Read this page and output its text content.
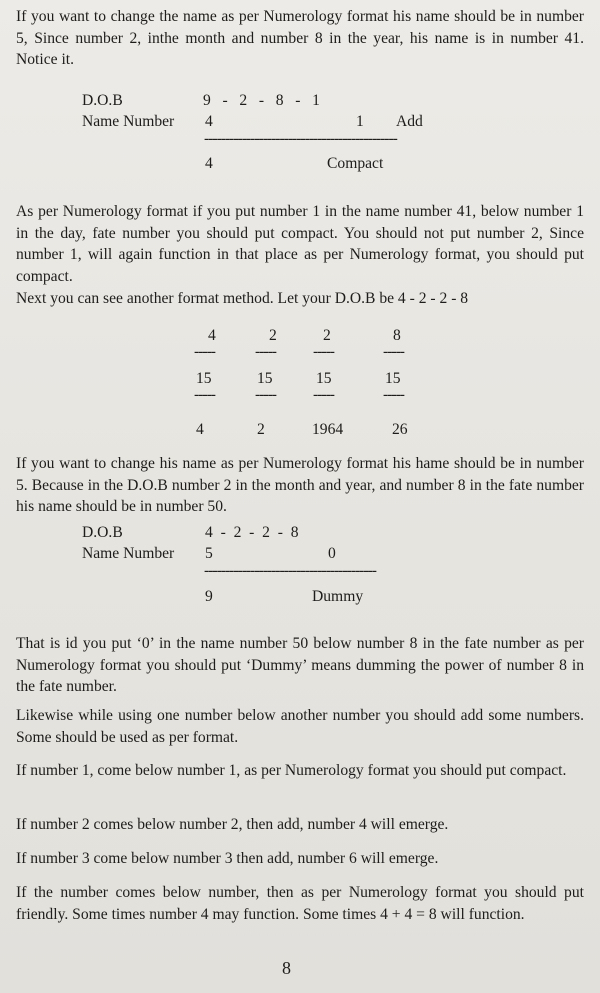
If you want to change the name as per Numerology format his name should be in number 5, Since number 2, inthe month and number 8 in the year, his name is in number 41. Notice it.

D.O.B	9   -   2   -   8   -   1
Name Number 4	1 Add
----------------------------------------------
4	Compact

As per Numerology format if you put number 1 in the name number 41, below number 1 in the day, fate number you should put compact. You should not put number 2, Since number 1, will again function in that place as per Numerology format, you should put compact.

Next you can see another format method. Let your D.O.B be 4 - 2 - 2 - 8

4	2	2	8
-----	----- -----	-----
15	15	15	15
-----	----- -----	-----
4	2	1964	26

If you want to change his name as per Numerology format his hame should be in number 5. Because in the D.O.B number 2 in the month and year, and number 8 in the fate number his name should be in number 50.

D.O.B	4  -  2  -  2  -  8
Name Number 5	0
-----------------------------------------
9	Dummy

That is id you put ‘0’ in the name number 50 below number 8 in the fate number as per Numerology format you should put ‘Dummy’ means dumming the power of number 8 in the fate number.

Likewise while using one number below another number you should add some numbers. Some should be used as per format.

If number 1, come below number 1, as per Numerology format you should put compact.

If number 2 comes below number 2, then add, number 4 will emerge.

If number 3 come below number 3 then add, number 6 will emerge.

If the number comes below number, then as per Numerology format you should put friendly. Some times number 4 may function. Some times 4 + 4 = 8 will function.

8
